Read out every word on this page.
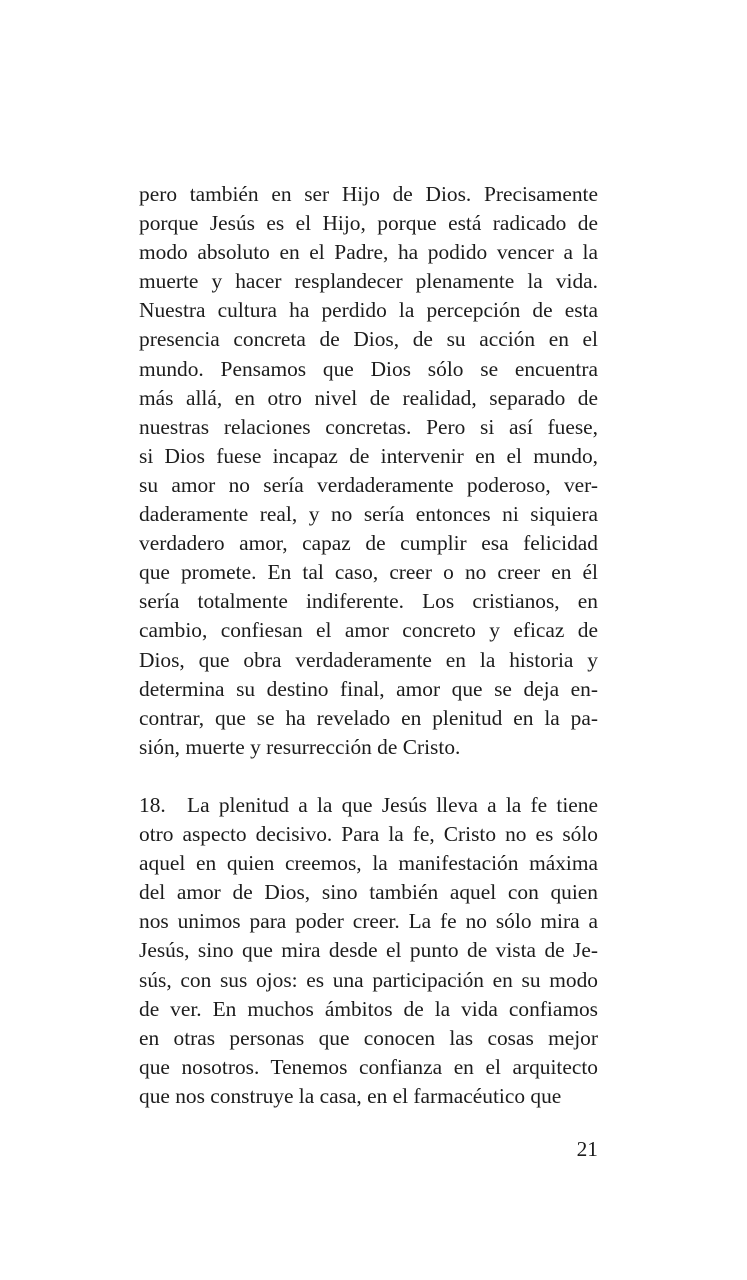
pero también en ser Hijo de Dios. Precisamente
porque Jesús es el Hijo, porque está radicado de
modo absoluto en el Padre, ha podido vencer a la
muerte y hacer resplandecer plenamente la vida.
Nuestra cultura ha perdido la percepción de esta
presencia concreta de Dios, de su acción en el
mundo. Pensamos que Dios sólo se encuentra
más allá, en otro nivel de realidad, separado de
nuestras relaciones concretas. Pero si así fuese,
si Dios fuese incapaz de intervenir en el mundo,
su amor no sería verdaderamente poderoso, ver-
daderamente real, y no sería entonces ni siquiera
verdadero amor, capaz de cumplir esa felicidad
que promete. En tal caso, creer o no creer en él
sería totalmente indiferente. Los cristianos, en
cambio, confiesan el amor concreto y eficaz de
Dios, que obra verdaderamente en la historia y
determina su destino final, amor que se deja en-
contrar, que se ha revelado en plenitud en la pa-
sión, muerte y resurrección de Cristo.
18. La plenitud a la que Jesús lleva a la fe tiene
otro aspecto decisivo. Para la fe, Cristo no es sólo
aquel en quien creemos, la manifestación máxima
del amor de Dios, sino también aquel con quien
nos unimos para poder creer. La fe no sólo mira a
Jesús, sino que mira desde el punto de vista de Je-
sús, con sus ojos: es una participación en su modo
de ver. En muchos ámbitos de la vida confiamos
en otras personas que conocen las cosas mejor
que nosotros. Tenemos confianza en el arquitecto
que nos construye la casa, en el farmacéutico que
21
